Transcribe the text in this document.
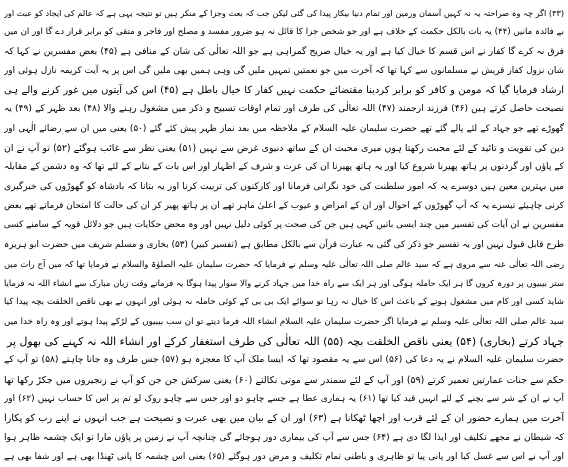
(۴۳) اگر چہ وہ صراحتہ یہ نہ کہیں آسمان وزمین اور تمام دنیا بیکار پیدا کی گئی لیکن جب کہ بعث وجزا کے منکر ہیں تو نتیجہ یہی ہے کہ عالم کی ایجاد کو عبث اور
بے فائدہ مانیں (۴۴) یہ بات بالکل حکمت کے خلاف ہے اور جو شخص جزا کا قائل نہ ہو ضرور مفسد و مصلح اور فاجر و متقی کو برابر قرار دے گا اور ان میں
فرق نہ کرے گا کفار نے اس قسم کا خیال کیا ہے اور یہ خیال صریح گمراہی ہے جو اللہ تعالٰی کی شان کے منافی ہے (۴۵) بعض مفسرین نے کہا کہ
شان نزول کفار قریش نے مسلمانوں سے کہا تھا کہ آخرت میں جو نعمتیں تمہیں ملیں گی وہی ہمیں بھی ملیں گی اس پر یہ آیت کریمہ نازل ہوئی اور
ارشاد فرمایا گیا کہ مومن و کافر کو برابر کردینا مقتضائے حکمت نہیں کفار کا خیال باطل ہے (۴۵) اس کی آیتوں میں غور کرنے والے ہی
نصیحت حاصل کرتے ہیں (۴۶) فرزند ارجمند (۴۷) اللہ تعالٰی کی طرف اور تمام اوقات تسبیح و ذکر میں مشغول رہنے والا (۴۸) بعد ظہر کے (۴۹) یہ
گھوڑے تھے جو جہاد کے لئے پالے گئے تھے حضرت سلیمان علیہ السلام کے ملاحظہ میں بعد نماز ظہر پیش کئے گئے (۵۰) یعنی میں ان سے رضائے الٰہی اور
دین کی تقویت و تائید کے لئے محبت رکھتا ہوں میری محبت ان کے ساتھ دنیوی غرض سے نہیں (۵۱) یعنی نظر سے غائب ہوگئے (۵۲) تو آپ نے ان
کے پاؤں اور گردنوں پر ہاتھ پھیرنا شروع کیا اور یہ ہاتھ پھیرنا ان کی عزت و شرف کے اظہار اور اس بات کے بتانے کے لئے تھا کہ وہ دشمن کے مقابلہ
میں بہترین معین ہیں دوسرے یہ کہ امور سلطنت کی خود نگرانی فرمانا اور کارکنوں کی تربیت کرنا اور یہ بتانا کہ بادشاہ کو گھوڑوں کی خبرگیری
کرنی چاہیئے تیسرے یہ کہ آپ گھوڑوں کے احوال اور ان کے امراض و عیوب کے اعلیٰ ماہر تھے ان پر ہاتھ پھیر کر ان کی حالت کا امتحان فرماتے تھے بعض
مفسرین نے ان آیات کی تفسیر میں چند ایسی باتیں کہی ہیں جن کی صحت پر کوئی دلیل نہیں اور وہ محض حکایات ہیں جو دلائل قویہ کے سامنے کسی
طرح قابل قبول نہیں اور یہ تفسیر جو ذکر کی گئی یہ عبارت قرآن سے بالکل مطابق ہے (تفسیر کبیر) (۵۳) بخاری و مسلم شریف میں حضرت ابو ہریرہ
رضی اللہ تعالٰی عنہ سے مروی ہے کہ سید عالم صلی اللہ تعالٰی علیہ وسلم نے فرمایا کہ حضرت سلیمان علیہ الصلوٰۃ والسلام نے فرمایا تھا کہ میں آج رات میں
ستر بیبیوں پر دورہ کروں گا ہر ایک حاملہ ہوگی اور ہر ایک سے راہ خدا میں جہاد کرنے والا سوار پیدا ہوگا یہ فرماتے وقت زبان مبارک سے انشاء اللہ نہ فرمایا
شاید کسی اور کام میں مشغول ہونے کے باعث اس کا خیال نہ رہا تو سوائے ایک بی بی کے کوئی حاملہ نہ ہوئی اور انہوں نے بھی ناقص الخلقت بچہ پیدا کیا
سید عالم صلی اللہ تعالٰی علیہ وسلم نے فرمایا اگر حضرت سلیمان علیہ السلام انشاء اللہ فرما دیتے تو ان سب بیبیوں کے لڑکے پیدا ہوتے اور وہ راہ خدا میں
جہاد کرتے (بخاری) (۵۴) یعنی ناقص الخلقت بچہ (۵۵) اللہ تعالٰی کی طرف استغفار کرکے اور انشاء اللہ نہ کہنے کی بھول پر
حضرت سلیمان علیہ السلام نے یہ دعا کی (۵۶) اس سے یہ مقصود تھا کہ ایسا ملک آپ کا معجزہ ہو (۵۷) جس طرف وہ جانا چاہتے (۵۸) تو آپ کے
حکم سے جنات عمارتیں تعمیر کرتے (۵۹) اور آپ کے لئے سمندر سے موتی نکالتے (۶۰) یعنی سرکش جن جن کو آپ نے زنجیروں میں جکڑ رکھا تھا
آپ نے ان کے شر سے بچنے کے لئے انہیں قید کیا تھا (۶۱) یہ ہماری عطا ہے جسے چاہو دو اور جس سے چاہو روک لو تم پر اس کا حساب نہیں (۶۲) اور
آخرت میں ہمارے حضور ان کے لئے قرب اور اچھا ٹھکانا ہے (۶۳) اور ان کے بیان میں بھی عبرت و نصیحت ہے جب انہوں نے اپنے رب کو پکارا
کہ شیطان نے مجھے تکلیف اور ایذا لگا دی ہے (۶۴) جس سے آپ کی بیماری دور ہوجائے گی چنانچہ آپ نے زمین پر پاؤں مارا تو ایک چشمہ ظاہر ہوا
اور آپ نے اس سے غسل کیا اور پانی پیا تو ظاہری و باطنی تمام تکلیف و مرض دور ہوگئے (۶۵) یعنی اس چشمہ کا پانی ٹھنڈا بھی ہے اور شفا بھی ہے
